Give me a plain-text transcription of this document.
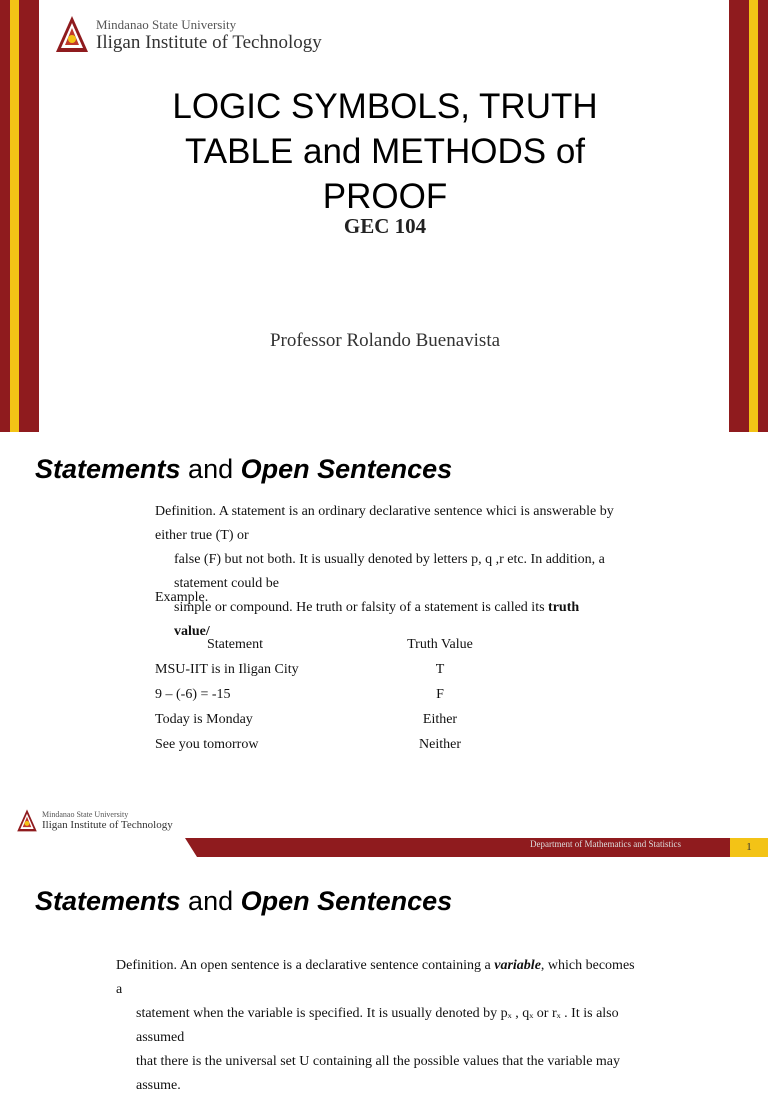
Mindanao State University
Iligan Institute of Technology
LOGIC SYMBOLS, TRUTH
TABLE and METHODS of
PROOF
GEC 104
Professor Rolando Buenavista
Statements and Open Sentences
Definition. A statement is an ordinary declarative sentence whici is answerable by either true (T) or
false (F) but not both. It is usually denoted by letters p, q ,r etc. In addition, a statement could be
simple or compound. He truth or falsity of a statement is called its truth value/
Example.
Statement	Truth Value
MSU-IIT is in Iligan City	T
9 – (-6) = -15	F
Today is Monday	Either
See you tomorrow	Neither
Mindanao State University
Iligan Institute of Technology
Department of Mathematics and Statistics	1
Statements and Open Sentences
Definition. An open sentence is a declarative sentence containing a variable, which becomes a
statement when the variable is specified. It is usually denoted by pₓ , qₓ or rₓ . It is also assumed
that there is the universal set U containing all the possible values that the variable may assume.
